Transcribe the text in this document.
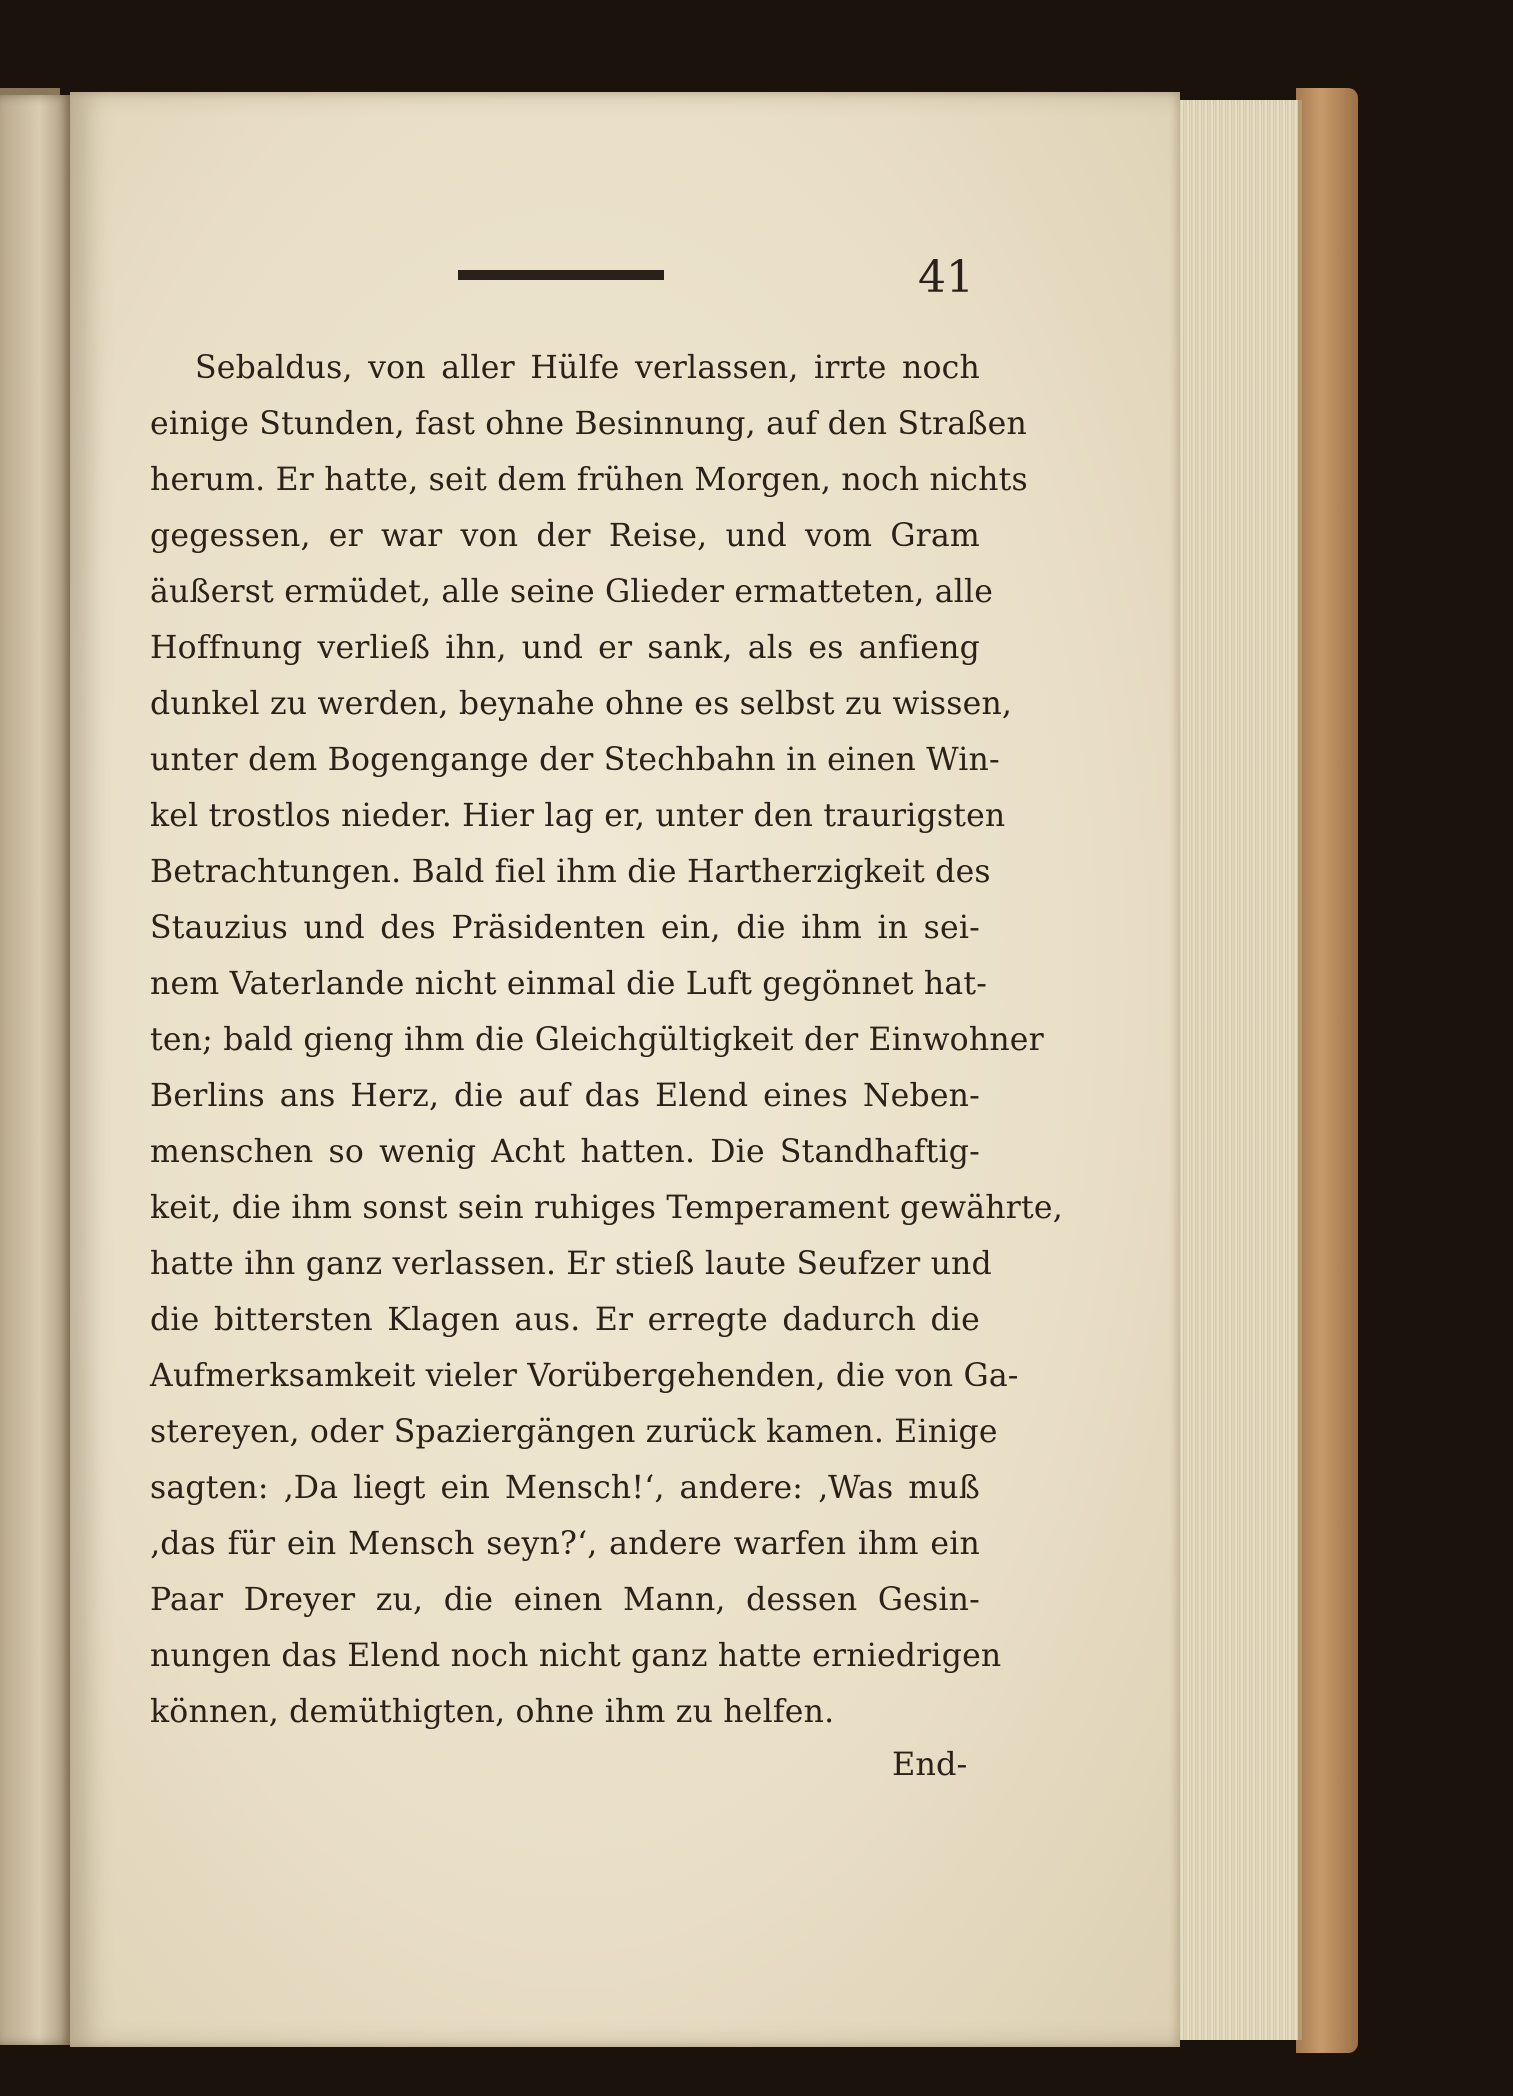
41
Sebaldus, von aller Hülfe verlassen, irrte noch
einige Stunden, fast ohne Besinnung, auf den Straßen
herum. Er hatte, seit dem frühen Morgen, noch nichts
gegessen, er war von der Reise, und vom Gram
äußerst ermüdet, alle seine Glieder ermatteten, alle
Hoffnung verließ ihn, und er sank, als es anfieng
dunkel zu werden, beynahe ohne es selbst zu wissen,
unter dem Bogengange der Stechbahn in einen Win-
kel trostlos nieder. Hier lag er, unter den traurigsten
Betrachtungen. Bald fiel ihm die Hartherzigkeit des
Stauzius und des Präsidenten ein, die ihm in sei-
nem Vaterlande nicht einmal die Luft gegönnet hat-
ten; bald gieng ihm die Gleichgültigkeit der Einwohner
Berlins ans Herz, die auf das Elend eines Neben-
menschen so wenig Acht hatten. Die Standhaftig-
keit, die ihm sonst sein ruhiges Temperament gewährte,
hatte ihn ganz verlassen. Er stieß laute Seufzer und
die bittersten Klagen aus. Er erregte dadurch die
Aufmerksamkeit vieler Vorübergehenden, die von Ga-
stereyen, oder Spaziergängen zurück kamen. Einige
sagten: ‚Da liegt ein Mensch!‘, andere: ‚Was muß
‚das für ein Mensch seyn?‘, andere warfen ihm ein
Paar Dreyer zu, die einen Mann, dessen Gesin-
nungen das Elend noch nicht ganz hatte erniedrigen
können, demüthigten, ohne ihm zu helfen.
End-
